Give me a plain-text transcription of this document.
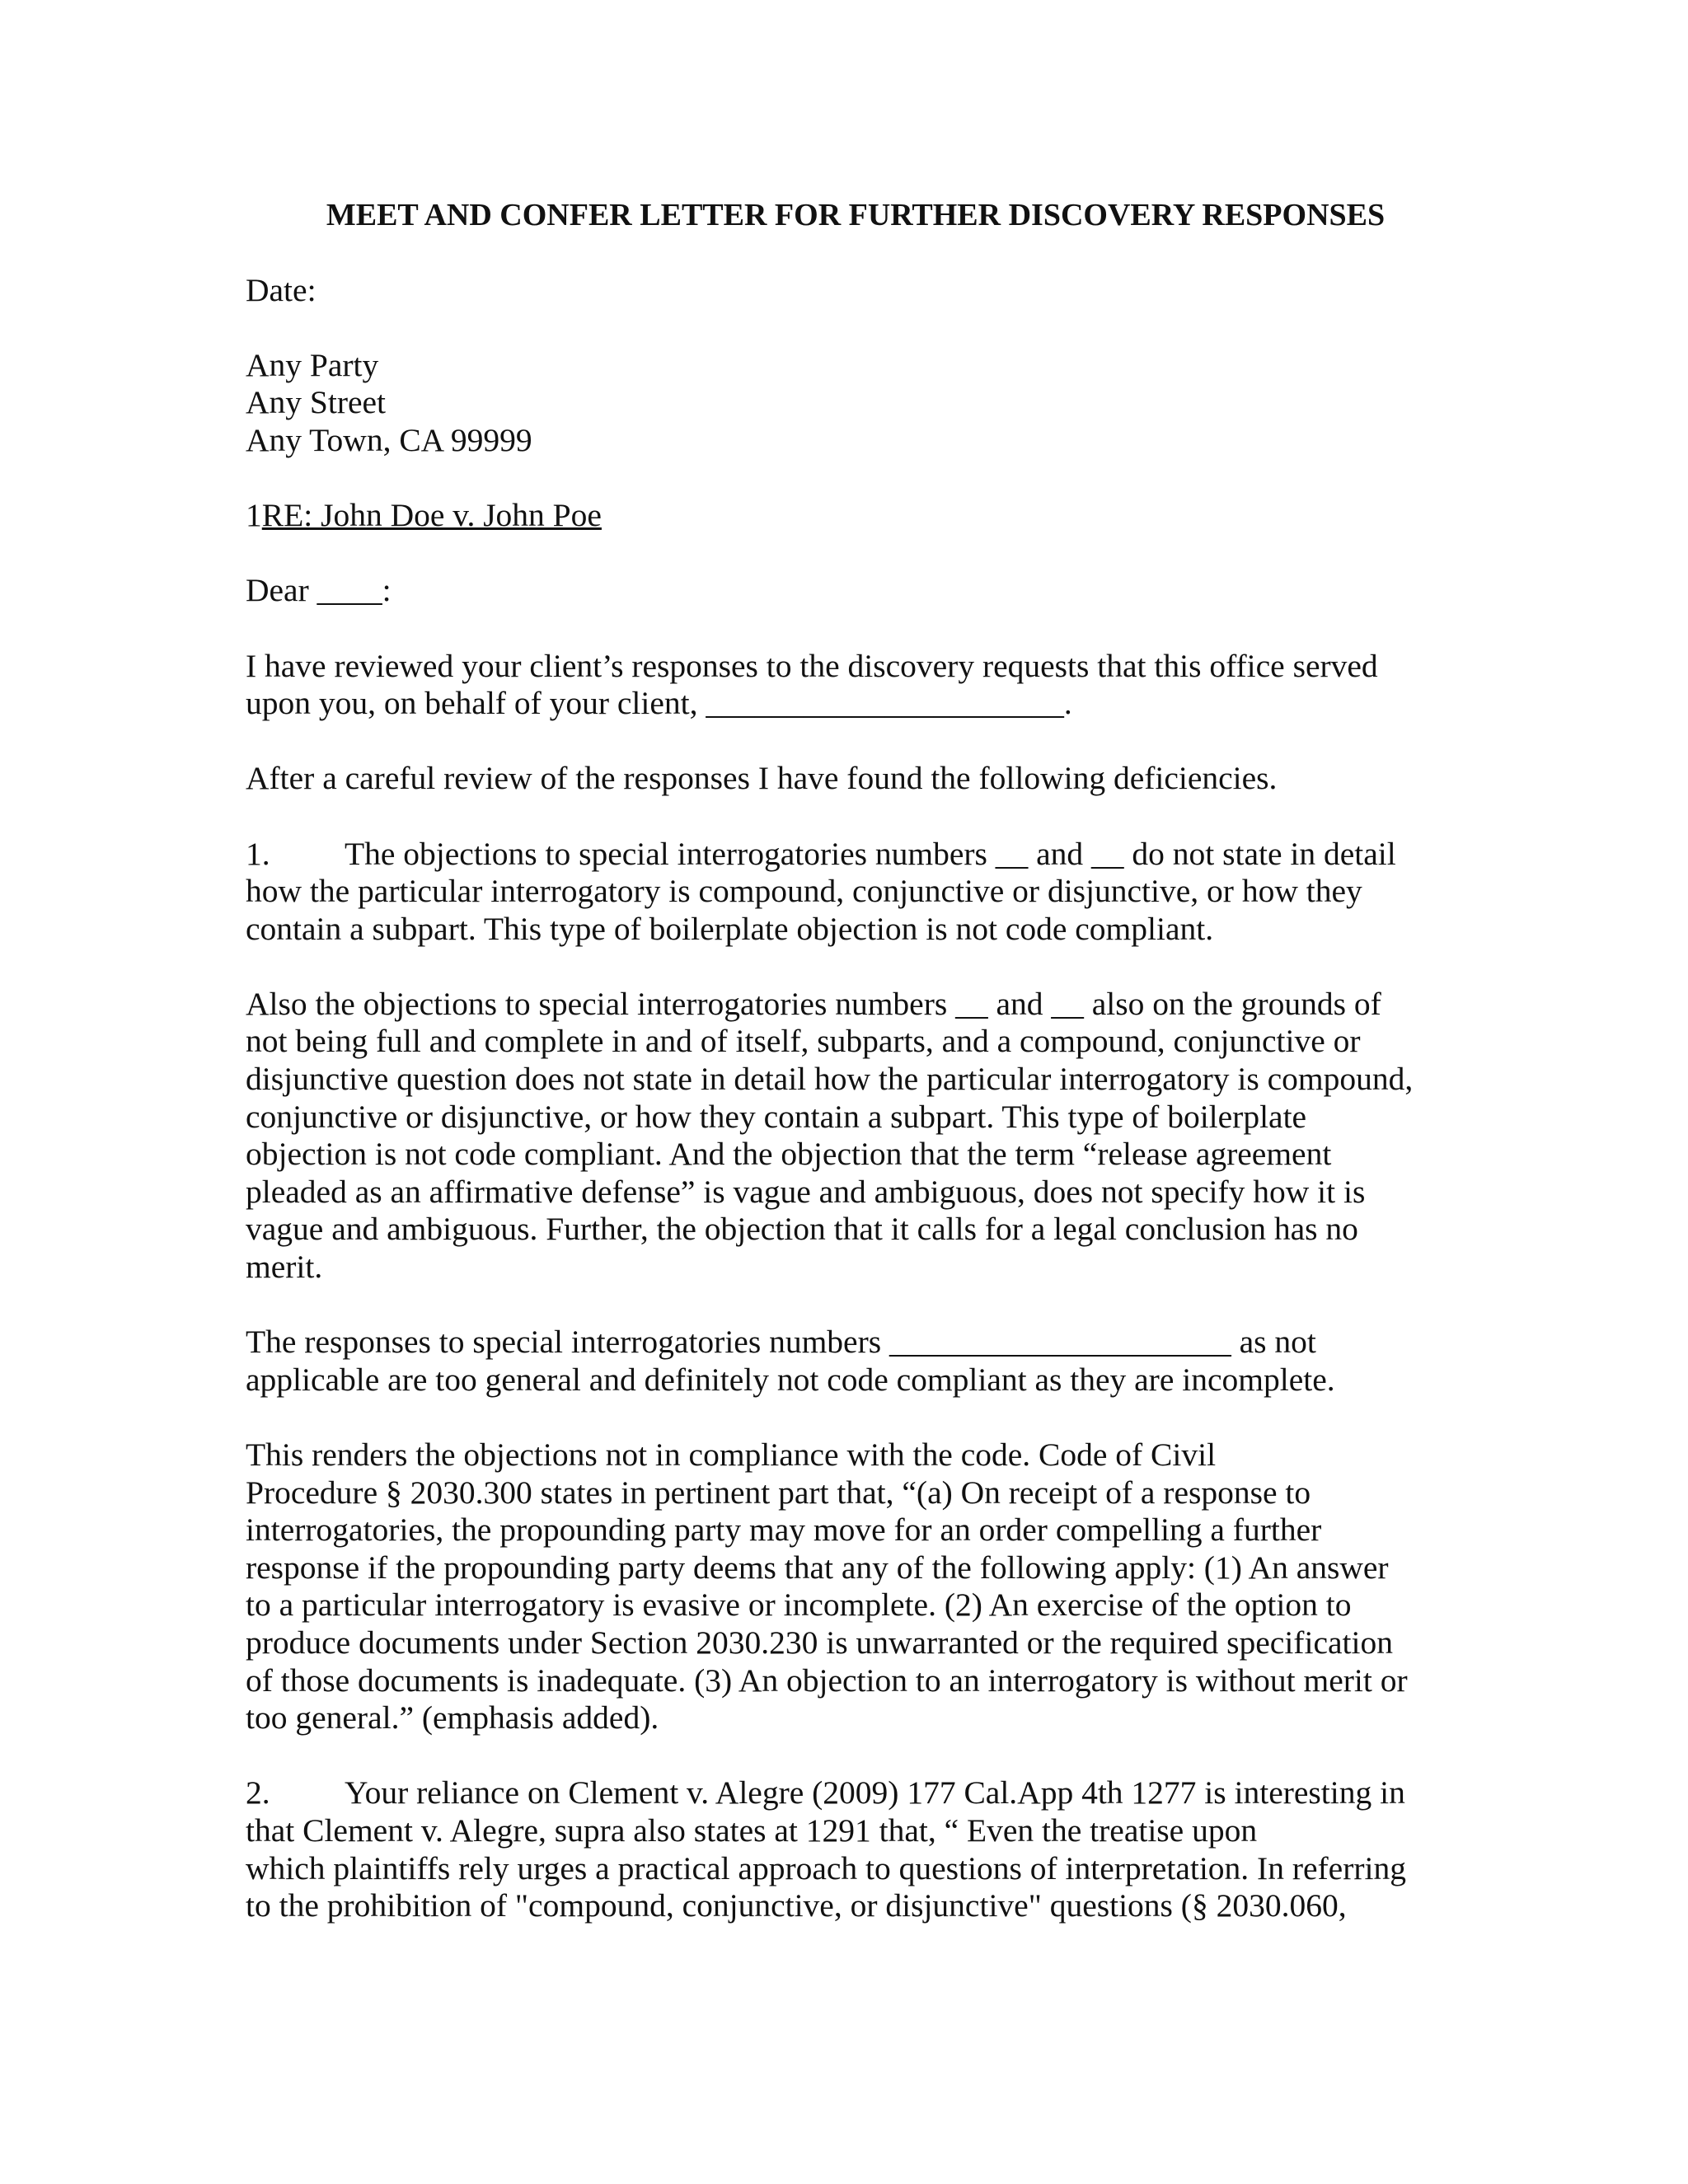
MEET AND CONFER LETTER FOR FURTHER DISCOVERY RESPONSES
Date:
Any Party
Any Street
Any Town, CA 99999
1RE: John Doe v. John Poe
Dear ____:
I have reviewed your client’s responses to the discovery requests that this office served
upon you, on behalf of your client, ______________________.
After a careful review of the responses I have found the following deficiencies.
1. The objections to special interrogatories numbers __ and __ do not state in detail
how the particular interrogatory is compound, conjunctive or disjunctive, or how they
contain a subpart. This type of boilerplate objection is not code compliant.
Also the objections to special interrogatories numbers __ and __ also on the grounds of
not being full and complete in and of itself, subparts, and a compound, conjunctive or
disjunctive question does not state in detail how the particular interrogatory is compound,
conjunctive or disjunctive, or how they contain a subpart. This type of boilerplate
objection is not code compliant. And the objection that the term “release agreement
pleaded as an affirmative defense” is vague and ambiguous, does not specify how it is
vague and ambiguous. Further, the objection that it calls for a legal conclusion has no
merit.
The responses to special interrogatories numbers _____________________ as not
applicable are too general and definitely not code compliant as they are incomplete.
This renders the objections not in compliance with the code. Code of Civil
Procedure § 2030.300 states in pertinent part that, “(a) On receipt of a response to
interrogatories, the propounding party may move for an order compelling a further
response if the propounding party deems that any of the following apply: (1) An answer
to a particular interrogatory is evasive or incomplete. (2) An exercise of the option to
produce documents under Section 2030.230 is unwarranted or the required specification
of those documents is inadequate. (3) An objection to an interrogatory is without merit or
too general.” (emphasis added).
2. Your reliance on Clement v. Alegre (2009) 177 Cal.App 4th 1277 is interesting in
that Clement v. Alegre, supra also states at 1291 that, “ Even the treatise upon
which plaintiffs rely urges a practical approach to questions of interpretation. In referring
to the prohibition of "compound, conjunctive, or disjunctive" questions (§ 2030.060,
